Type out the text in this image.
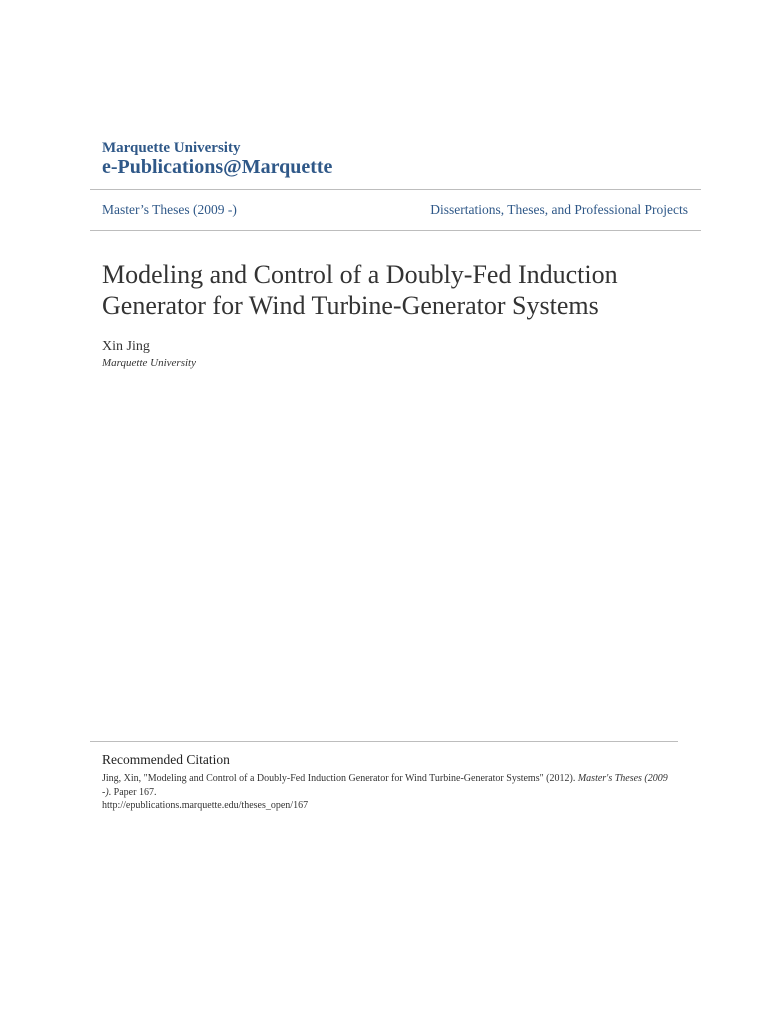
Marquette University

e-Publications@Marquette

Master’s Theses (2009 -)	Dissertations, Theses, and Professional Projects
Modeling and Control of a Doubly-Fed Induction
Generator for Wind Turbine-Generator Systems
Xin Jing
Marquette University
Recommended Citation
Jing, Xin, "Modeling and Control of a Doubly-Fed Induction Generator for Wind Turbine-Generator Systems" (2012). Master's Theses (2009 -). Paper 167.
http://epublications.marquette.edu/theses_open/167
